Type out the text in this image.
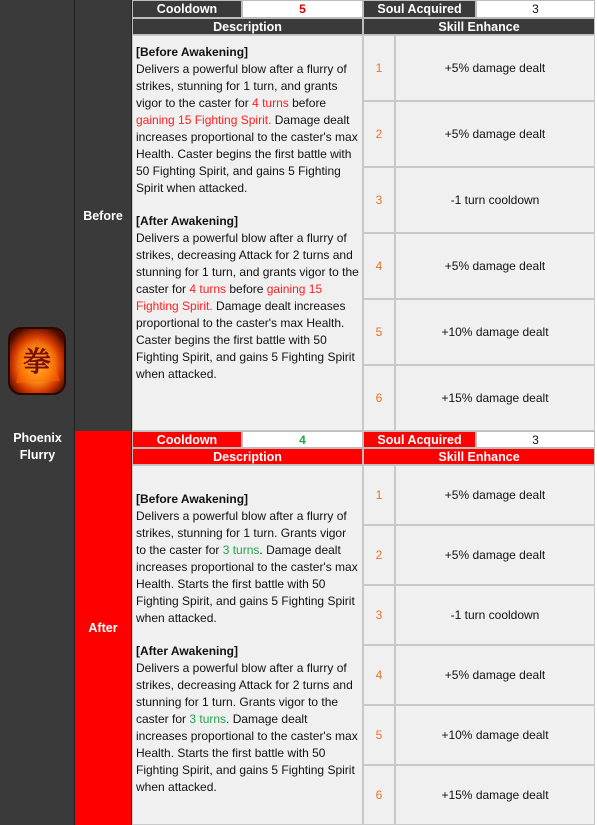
拳
Phoenix
Flurry
Before
Cooldown	5	Soul Acquired	3
Description	Skill Enhance

[Before Awakening]
Delivers a powerful blow after a flurry of strikes, stunning for 1 turn, and grants vigor to the caster for 4 turns before gaining 15 Fighting Spirit. Damage dealt increases proportional to the caster's max Health. Caster begins the first battle with 50 Fighting Spirit, and gains 5 Fighting Spirit when attacked.

[After Awakening]
Delivers a powerful blow after a flurry of strikes, decreasing Attack for 2 turns and stunning for 1 turn, and grants vigor to the caster for 4 turns before gaining 15 Fighting Spirit. Damage dealt increases proportional to the caster's max Health. Caster begins the first battle with 50 Fighting Spirit, and gains 5 Fighting Spirit when attacked.

1	+5% damage dealt
2	+5% damage dealt
3	-1 turn cooldown
4	+5% damage dealt
5	+10% damage dealt
6	+15% damage dealt
After
Cooldown	4	Soul Acquired	3
Description	Skill Enhance

[Before Awakening]
Delivers a powerful blow after a flurry of strikes, stunning for 1 turn. Grants vigor to the caster for 3 turns. Damage dealt increases proportional to the caster's max Health. Starts the first battle with 50 Fighting Spirit, and gains 5 Fighting Spirit when attacked.

[After Awakening]
Delivers a powerful blow after a flurry of strikes, decreasing Attack for 2 turns and stunning for 1 turn. Grants vigor to the caster for 3 turns. Damage dealt increases proportional to the caster's max Health. Starts the first battle with 50 Fighting Spirit, and gains 5 Fighting Spirit when attacked.

1	+5% damage dealt
2	+5% damage dealt
3	-1 turn cooldown
4	+5% damage dealt
5	+10% damage dealt
6	+15% damage dealt
